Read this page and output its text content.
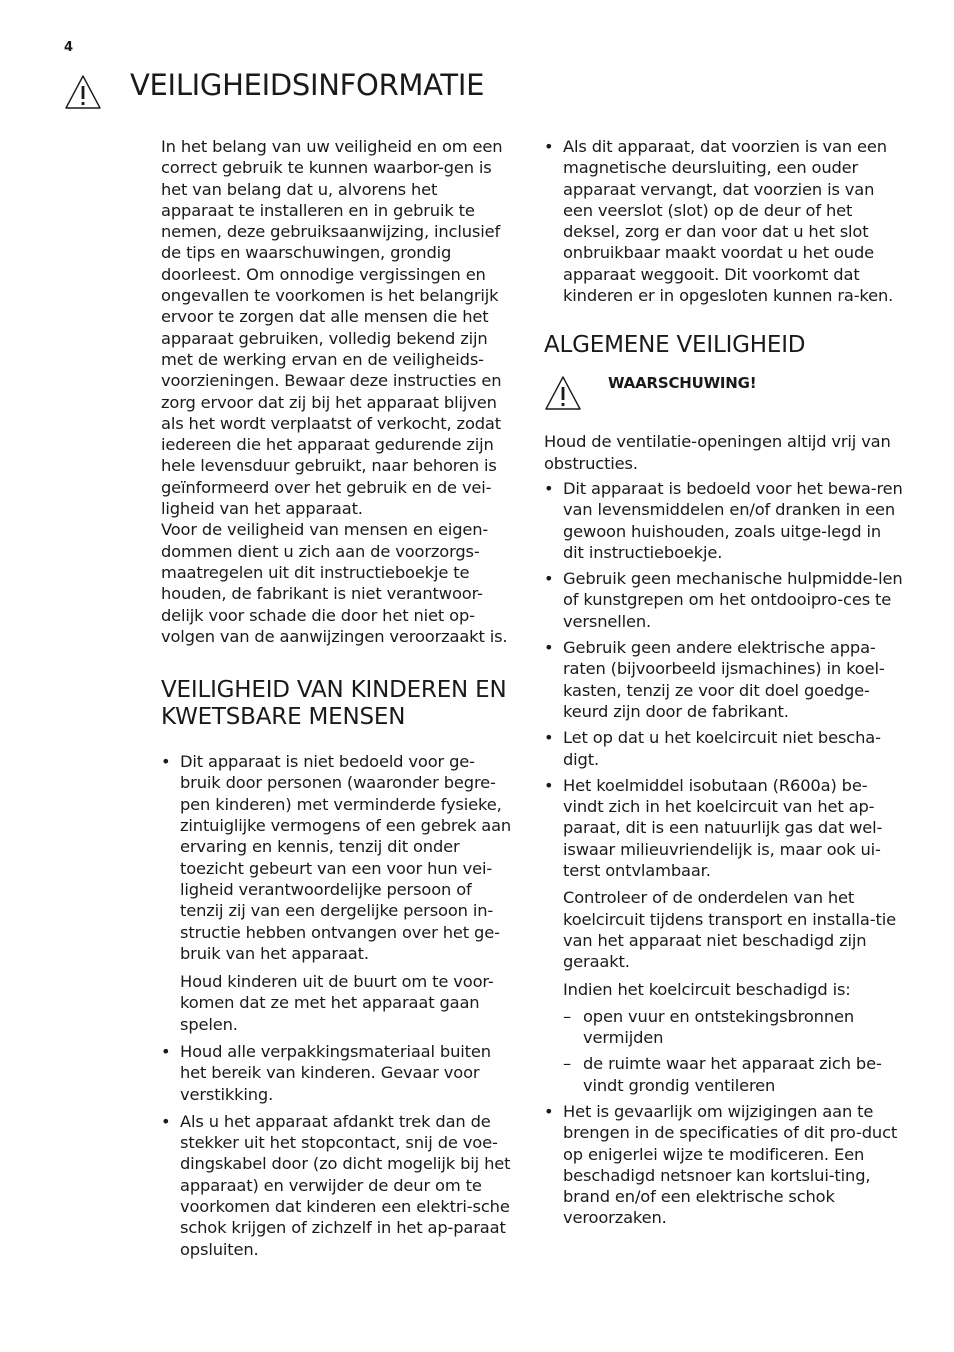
4
VEILIGHEIDSINFORMATIE

In het belang van uw veiligheid en om een correct gebruik te kunnen waarbor-gen is het van belang dat u, alvorens het apparaat te installeren en in gebruik te nemen, deze gebruiksaanwijzing, inclusief de tips en waarschuwingen, grondig doorleest. Om onnodige vergissingen en ongevallen te voorkomen is het belangrijk ervoor te zorgen dat alle mensen die het apparaat gebruiken, volledig bekend zijn met de werking ervan en de veiligheids-voorzieningen. Bewaar deze instructies en zorg ervoor dat zij bij het apparaat blijven als het wordt verplaatst of verkocht, zodat iedereen die het apparaat gedurende zijn hele levensduur gebruikt, naar behoren is geïnformeerd over het gebruik en de vei-ligheid van het apparaat.

Voor de veiligheid van mensen en eigen-dommen dient u zich aan de voorzorgs-maatregelen uit dit instructieboekje te houden, de fabrikant is niet verantwoor-delijk voor schade die door het niet op-volgen van de aanwijzingen veroorzaakt is.

VEILIGHEID VAN KINDEREN EN KWETSBARE MENSEN

• Dit apparaat is niet bedoeld voor ge-bruik door personen (waaronder begre-pen kinderen) met verminderde fysieke, zintuiglijke vermogens of een gebrek aan ervaring en kennis, tenzij dit onder toezicht gebeurt van een voor hun vei-ligheid verantwoordelijke persoon of tenzij zij van een dergelijke persoon in-structie hebben ontvangen over het ge-bruik van het apparaat.

Houd kinderen uit de buurt om te voor-komen dat ze met het apparaat gaan spelen.

• Houd alle verpakkingsmateriaal buiten het bereik van kinderen. Gevaar voor verstikking.

• Als u het apparaat afdankt trek dan de stekker uit het stopcontact, snij de voe-dingskabel door (zo dicht mogelijk bij het apparaat) en verwijder de deur om te voorkomen dat kinderen een elektri-sche schok krijgen of zichzelf in het ap-paraat opsluiten.

• Als dit apparaat, dat voorzien is van een magnetische deursluiting, een ouder apparaat vervangt, dat voorzien is van een veerslot (slot) op de deur of het deksel, zorg er dan voor dat u het slot onbruikbaar maakt voordat u het oude apparaat weggooit. Dit voorkomt dat kinderen er in opgesloten kunnen ra-ken.

ALGEMENE VEILIGHEID
WAARSCHUWING!

Houd de ventilatie-openingen altijd vrij van obstructies.

• Dit apparaat is bedoeld voor het bewa-ren van levensmiddelen en/of dranken in een gewoon huishouden, zoals uitge-legd in dit instructieboekje.

• Gebruik geen mechanische hulpmidde-len of kunstgrepen om het ontdooipro-ces te versnellen.

• Gebruik geen andere elektrische appa-raten (bijvoorbeeld ijsmachines) in koel-kasten, tenzij ze voor dit doel goedge-keurd zijn door de fabrikant.

• Let op dat u het koelcircuit niet bescha-digt.

• Het koelmiddel isobutaan (R600a) be-vindt zich in het koelcircuit van het ap-paraat, dit is een natuurlijk gas dat wel-iswaar milieuvriendelijk is, maar ook ui-terst ontvlambaar.

Controleer of de onderdelen van het koelcircuit tijdens transport en installa-tie van het apparaat niet beschadigd zijn geraakt.

Indien het koelcircuit beschadigd is:

– open vuur en ontstekingsbronnen vermijden
– de ruimte waar het apparaat zich be-vindt grondig ventileren

• Het is gevaarlijk om wijzigingen aan te brengen in de specificaties of dit pro-duct op enigerlei wijze te modificeren. Een beschadigd netsnoer kan kortslui-ting, brand en/of een elektrische schok veroorzaken.
